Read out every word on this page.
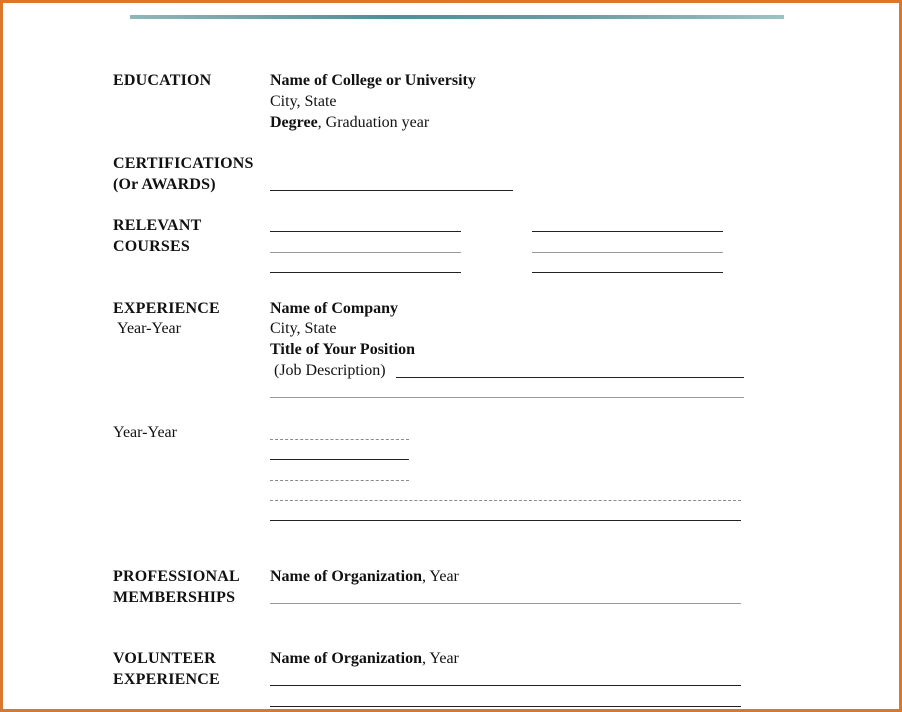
EDUCATION	Name of College or University
City, State
Degree, Graduation year
CERTIFICATIONS
(Or AWARDS)
RELEVANT
COURSES
EXPERIENCE
Year-Year
Name of Company
City, State
Title of Your Position
(Job Description)
Year-Year
PROFESSIONAL
MEMBERSHIPS
Name of Organization, Year
VOLUNTEER
EXPERIENCE
Name of Organization, Year
